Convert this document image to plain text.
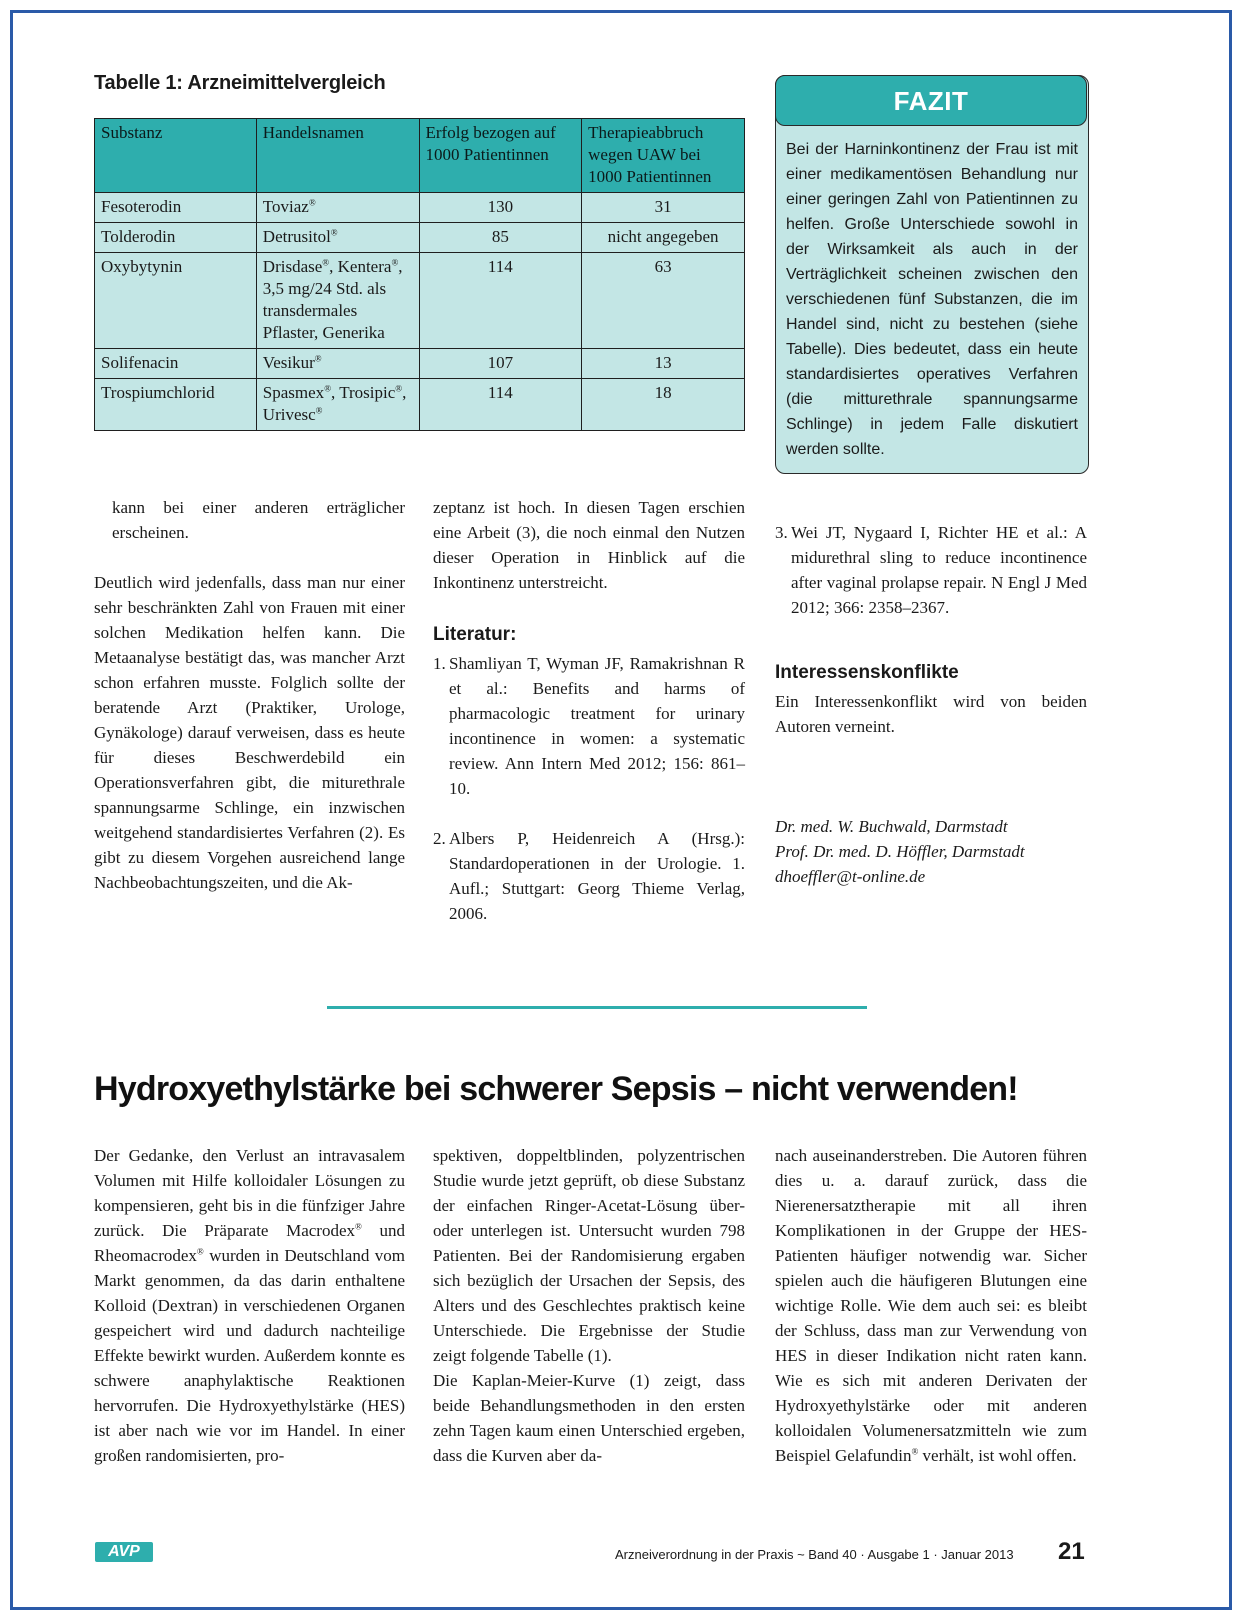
Tabelle 1: Arzneimittelvergleich
Substanz	Handelsnamen	Erfolg bezogen auf 1000 Patientinnen	Therapieabbruch wegen UAW bei 1000 Patientinnen
Fesoterodin	Toviaz®	130	31
Tolderodin	Detrusitol®	85	nicht angegeben
Oxybytynin	Drisdase®, Kentera®, 3,5 mg/24 Std. als transdermales Pflaster, Generika	114	63
Solifenacin	Vesikur®	107	13
Trospiumchlorid	Spasmex®, Trosipic®, Urivesc®	114	18
FAZIT
Bei der Harninkontinenz der Frau ist mit einer medikamentösen Behandlung nur einer geringen Zahl von Patientinnen zu helfen. Große Unterschiede sowohl in der Wirksamkeit als auch in der Verträglichkeit scheinen zwischen den verschiedenen fünf Substanzen, die im Handel sind, nicht zu bestehen (siehe Tabelle). Dies bedeutet, dass ein heute standardisiertes operatives Verfahren (die mitturethrale spannungsarme Schlinge) in jedem Falle diskutiert werden sollte.

kann bei einer anderen erträglicher erscheinen.

Deutlich wird jedenfalls, dass man nur einer sehr beschränkten Zahl von Frauen mit einer solchen Medikation helfen kann. Die Metaanalyse bestätigt das, was mancher Arzt schon erfahren musste. Folglich sollte der beratende Arzt (Praktiker, Urologe, Gynäkologe) darauf verweisen, dass es heute für dieses Beschwerdebild ein Operationsverfahren gibt, die miturethrale spannungsarme Schlinge, ein inzwischen weitgehend standardisiertes Verfahren (2). Es gibt zu diesem Vorgehen ausreichend lange Nachbeobachtungszeiten, und die Ak-

zeptanz ist hoch. In diesen Tagen erschien eine Arbeit (3), die noch einmal den Nutzen dieser Operation in Hinblick auf die Inkontinenz unterstreicht.

Literatur:
1. Shamliyan T, Wyman JF, Ramakrishnan R et al.: Benefits and harms of pharmacologic treatment for urinary incontinence in women: a systematic review. Ann Intern Med 2012; 156: 861–10.
2. Albers P, Heidenreich A (Hrsg.): Standardoperationen in der Urologie. 1. Aufl.; Stuttgart: Georg Thieme Verlag, 2006.
3. Wei JT, Nygaard I, Richter HE et al.: A midurethral sling to reduce incontinence after vaginal prolapse repair. N Engl J Med 2012; 366: 2358–2367.
Interessenskonflikte

Ein Interessenkonflikt wird von beiden Autoren verneint.

Dr. med. W. Buchwald, Darmstadt
Prof. Dr. med. D. Höffler, Darmstadt
dhoeffler@t-online.de
Hydroxyethylstärke bei schwerer Sepsis – nicht verwenden!

Der Gedanke, den Verlust an intravasalem Volumen mit Hilfe kolloidaler Lösungen zu kompensieren, geht bis in die fünfziger Jahre zurück. Die Präparate Macrodex® und Rheomacrodex® wurden in Deutschland vom Markt genommen, da das darin enthaltene Kolloid (Dextran) in verschiedenen Organen gespeichert wird und dadurch nachteilige Effekte bewirkt wurden. Außerdem konnte es schwere anaphylaktische Reaktionen hervorrufen. Die Hydroxyethylstärke (HES) ist aber nach wie vor im Handel. In einer großen randomisierten, pro-

spektiven, doppeltblinden, polyzentrischen Studie wurde jetzt geprüft, ob diese Substanz der einfachen Ringer-Acetat-Lösung über- oder unterlegen ist. Untersucht wurden 798 Patienten. Bei der Randomisierung ergaben sich bezüglich der Ursachen der Sepsis, des Alters und des Geschlechtes praktisch keine Unterschiede. Die Ergebnisse der Studie zeigt folgende Tabelle (1).

Die Kaplan-Meier-Kurve (1) zeigt, dass beide Behandlungsmethoden in den ersten zehn Tagen kaum einen Unterschied ergeben, dass die Kurven aber da-

nach auseinanderstreben. Die Autoren führen dies u. a. darauf zurück, dass die Nierenersatztherapie mit all ihren Komplikationen in der Gruppe der HES-Patienten häufiger notwendig war. Sicher spielen auch die häufigeren Blutungen eine wichtige Rolle. Wie dem auch sei: es bleibt der Schluss, dass man zur Verwendung von HES in dieser Indikation nicht raten kann. Wie es sich mit anderen Derivaten der Hydroxyethylstärke oder mit anderen kolloidalen Volumenersatzmitteln wie zum Beispiel Gelafundin® verhält, ist wohl offen.

AVP	Arzneiverordnung in der Praxis ~ Band 40 · Ausgabe 1 · Januar 2013 21
